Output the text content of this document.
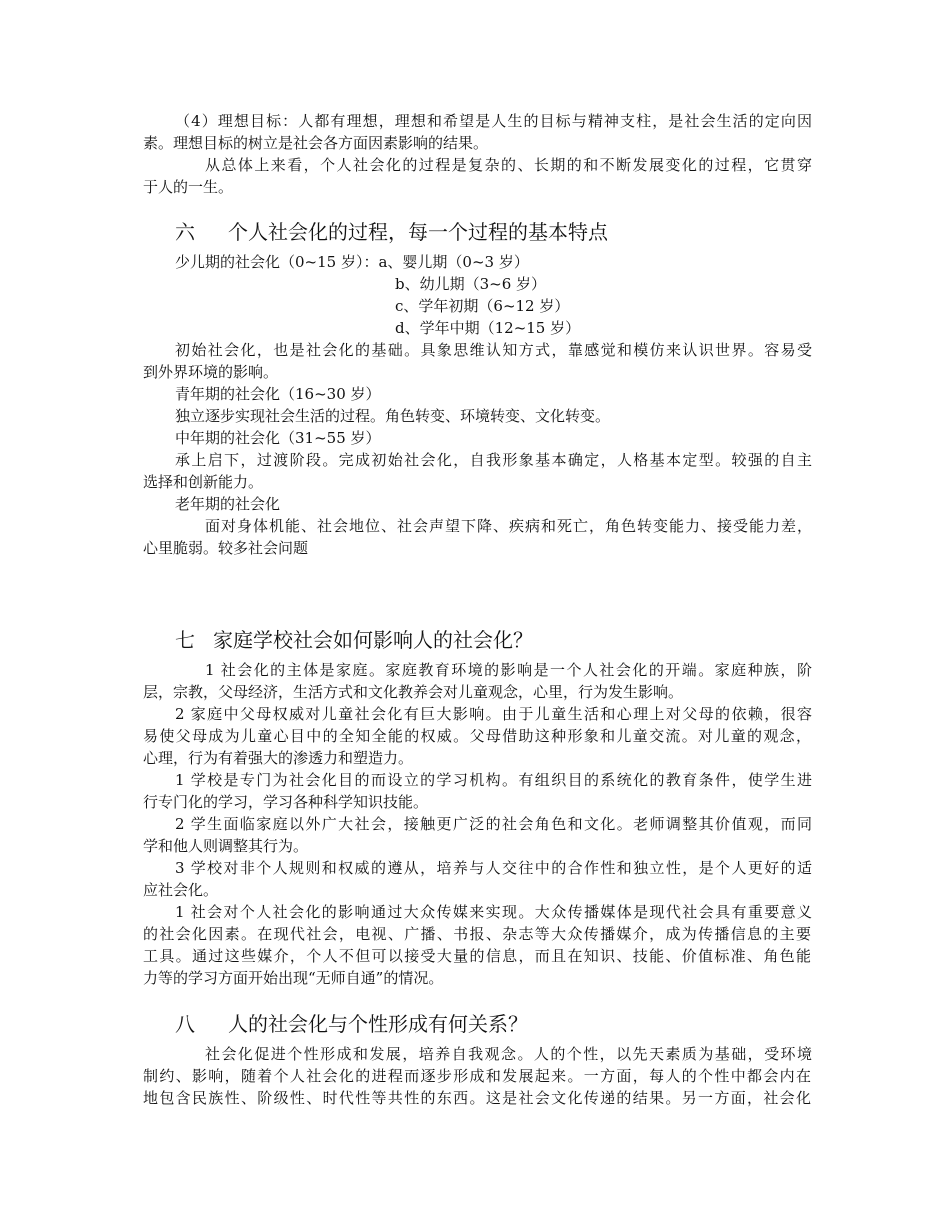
（4）理想目标：人都有理想，理想和希望是人生的目标与精神支柱，是社会生活的定向因
素。理想目标的树立是社会各方面因素影响的结果。
从总体上来看，个人社会化的过程是复杂的、长期的和不断发展变化的过程，它贯穿
于人的一生。
六 个人社会化的过程，每一个过程的基本特点
少儿期的社会化（0~15 岁）：a、婴儿期（0~3 岁）
b、幼儿期（3~6 岁）
c、学年初期（6~12 岁）
d、学年中期（12~15 岁）
初始社会化，也是社会化的基础。具象思维认知方式，靠感觉和模仿来认识世界。容易受
到外界环境的影响。
青年期的社会化（16~30 岁）
独立逐步实现社会生活的过程。角色转变、环境转变、文化转变。
中年期的社会化（31~55 岁）
承上启下，过渡阶段。完成初始社会化，自我形象基本确定，人格基本定型。较强的自主
选择和创新能力。
老年期的社会化
面对身体机能、社会地位、社会声望下降、疾病和死亡，角色转变能力、接受能力差，
心里脆弱。较多社会问题
七 家庭学校社会如何影响人的社会化？
1 社会化的主体是家庭。家庭教育环境的影响是一个人社会化的开端。家庭种族，阶
层，宗教，父母经济，生活方式和文化教养会对儿童观念，心里，行为发生影响。
2 家庭中父母权威对儿童社会化有巨大影响。由于儿童生活和心理上对父母的依赖，很容
易使父母成为儿童心目中的全知全能的权威。父母借助这种形象和儿童交流。对儿童的观念，
心理，行为有着强大的渗透力和塑造力。
1 学校是专门为社会化目的而设立的学习机构。有组织目的系统化的教育条件，使学生进
行专门化的学习，学习各种科学知识技能。
2 学生面临家庭以外广大社会，接触更广泛的社会角色和文化。老师调整其价值观，而同
学和他人则调整其行为。
3 学校对非个人规则和权威的遵从，培养与人交往中的合作性和独立性，是个人更好的适
应社会化。
1 社会对个人社会化的影响通过大众传媒来实现。大众传播媒体是现代社会具有重要意义
的社会化因素。在现代社会，电视、广播、书报、杂志等大众传播媒介，成为传播信息的主要
工具。通过这些媒介，个人不但可以接受大量的信息，而且在知识、技能、价值标准、角色能
力等的学习方面开始出现“无师自通”的情况。
八 人的社会化与个性形成有何关系？
社会化促进个性形成和发展，培养自我观念。人的个性，以先天素质为基础，受环境
制约、影响，随着个人社会化的进程而逐步形成和发展起来。一方面，每人的个性中都会内在
地包含民族性、阶级性、时代性等共性的东西。这是社会文化传递的结果。另一方面，社会化
